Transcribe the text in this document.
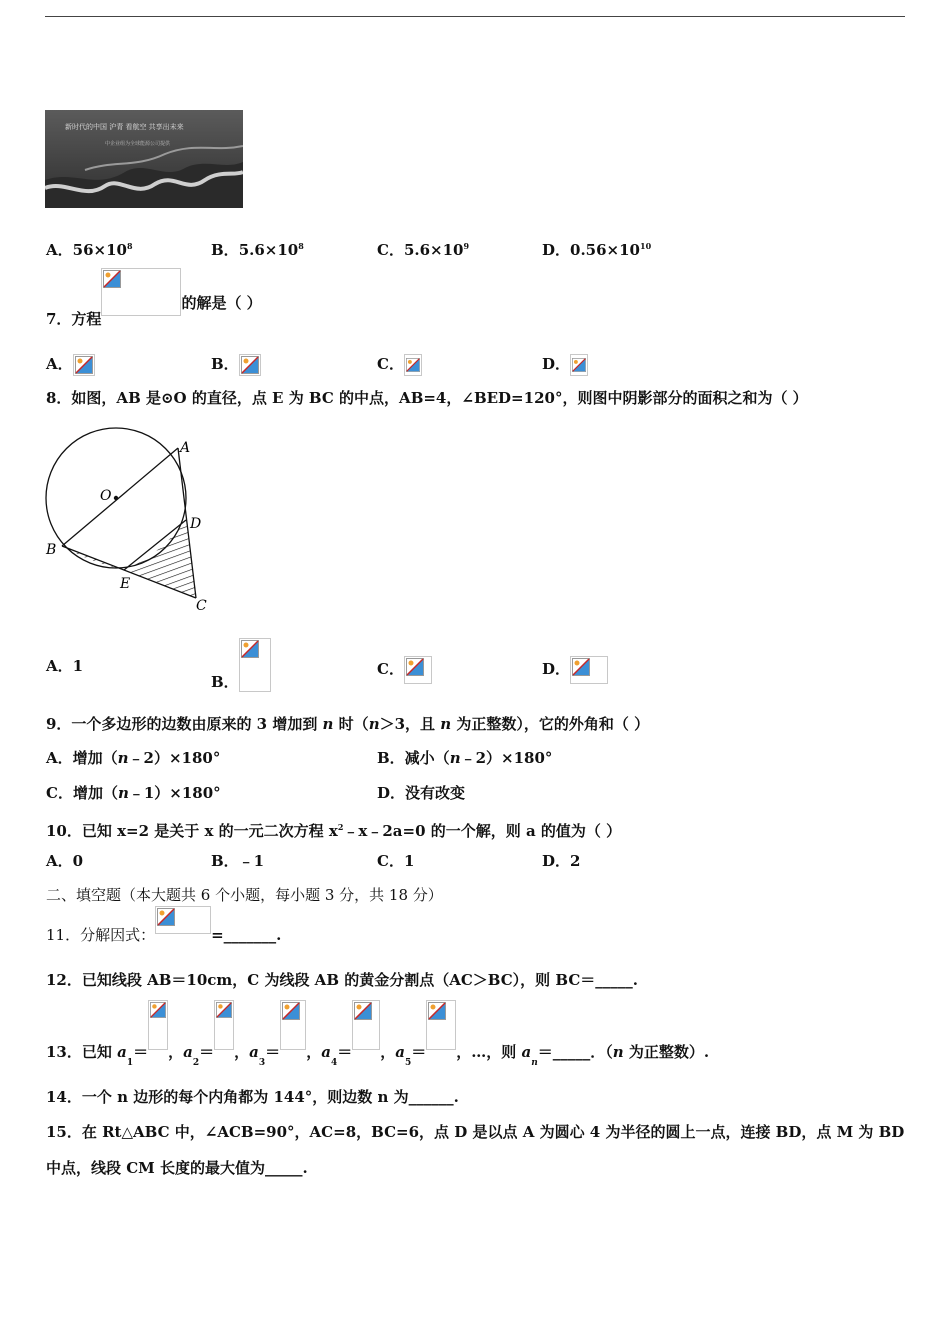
新时代的中国 沪青 看航空 共享出未来
中企业组为全球能源公司提供
A．$56\times 10^8$	B．$5.6\times 10^8$	C．$5.6\times 10^9$	D．$0.56\times 10^{10}$
7．方程
的解是（ ）
A．	B．	C．	D．
8．如图，AB 是⊙O 的直径，点 E 为 BC 的中点，AB=4，∠BED=120°，则图中阴影部分的面积之和为（ ）
A
O
D
B
E
C
A．1
B．
C．	D．
9．一个多边形的边数由原来的 3 增加到 n 时（n＞3，且 n 为正整数），它的外角和（ ）
A．增加（n﹣2）×180°	B．减小（n﹣2）×180°
C．增加（n﹣1）×180°	D．没有改变
10．已知 x=2 是关于 x 的一元二次方程 $x^2﹣x﹣2a=0$ 的一个解，则 a 的值为（ ）
A．0	B．﹣1	C．1	D．2
二、填空题（本大题共 6 个小题，每小题 3 分，共 18 分）
11．分解因式：	=_______.
12．已知线段 AB＝10cm，C 为线段 AB 的黄金分割点（AC＞BC），则 BC＝_____.
13．已知 $a_1=$ ，$a_2=$ ，$a_3=$ ，$a_4=$ ，$a_5=$ ，…，则 $a_n=\_\_\_\_\_$．（n 为正整数）.
14．一个 n 边形的每个内角都为 144°，则边数 n 为______.
15．在 Rt△ABC 中，∠ACB=90°，AC=8，BC=6，点 D 是以点 A 为圆心 4 为半径的圆上一点，连接 BD，点 M 为 BD
中点，线段 CM 长度的最大值为_____.
